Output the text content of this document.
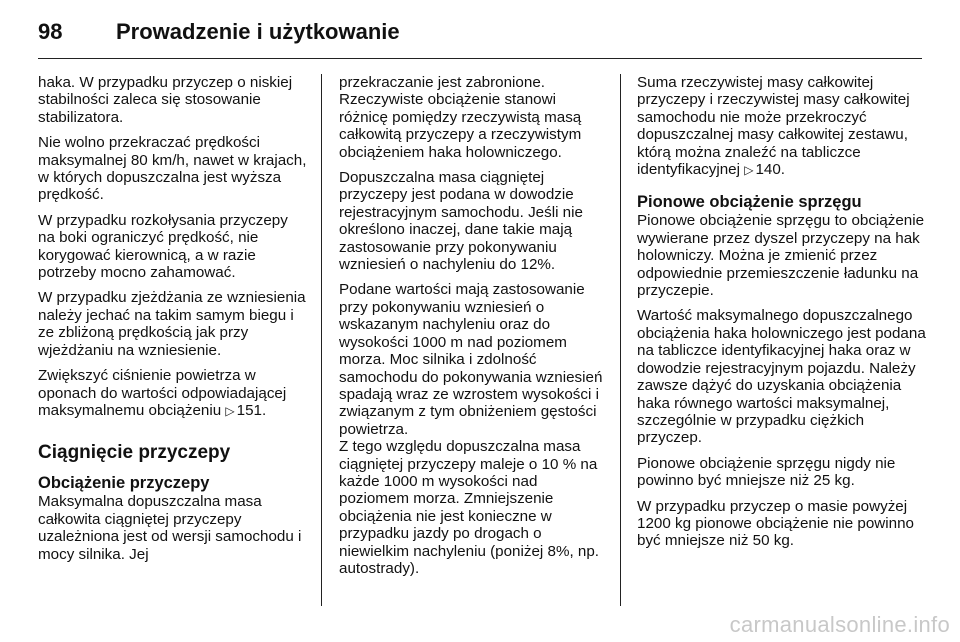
98	Prowadzenie i użytkowanie

haka. W przypadku przyczep o niskiej stabilności zaleca się stosowanie stabilizatora.

Nie wolno przekraczać prędkości maksymalnej 80 km/h, nawet w krajach, w których dopuszczalna jest wyższa prędkość.

W przypadku rozkołysania przyczepy na boki ograniczyć prędkość, nie korygować kierownicą, a w razie potrzeby mocno zahamować.

W przypadku zjeżdżania ze wzniesienia należy jechać na takim samym biegu i ze zbliżoną prędkością jak przy wjeżdżaniu na wzniesienie.

Zwiększyć ciśnienie powietrza w oponach do wartości odpowiadającej maksymalnemu obciążeniu ▷ 151.

Ciągnięcie przyczepy
Obciążenie przyczepy

Maksymalna dopuszczalna masa całkowita ciągniętej przyczepy uzależniona jest od wersji samochodu i mocy silnika. Jej

przekraczanie jest zabronione. Rzeczywiste obciążenie stanowi różnicę pomiędzy rzeczywistą masą całkowitą przyczepy a rzeczywistym obciążeniem haka holowniczego.

Dopuszczalna masa ciągniętej przyczepy jest podana w dowodzie rejestracyjnym samochodu. Jeśli nie określono inaczej, dane takie mają zastosowanie przy pokonywaniu wzniesień o nachyleniu do 12%.

Podane wartości mają zastosowanie przy pokonywaniu wzniesień o wskazanym nachyleniu oraz do wysokości 1000 m nad poziomem morza. Moc silnika i zdolność samochodu do pokonywania wzniesień spadają wraz ze wzrostem wysokości i związanym z tym obniżeniem gęstości powietrza.

Z tego względu dopuszczalna masa ciągniętej przyczepy maleje o 10 % na każde 1000 m wysokości nad poziomem morza. Zmniejszenie obciążenia nie jest konieczne w przypadku jazdy po drogach o niewielkim nachyleniu (poniżej 8%, np. autostrady).

Suma rzeczywistej masy całkowitej przyczepy i rzeczywistej masy całkowitej samochodu nie może przekroczyć dopuszczalnej masy całkowitej zestawu, którą można znaleźć na tabliczce identyfikacyjnej ▷ 140.

Pionowe obciążenie sprzęgu

Pionowe obciążenie sprzęgu to obciążenie wywierane przez dyszel przyczepy na hak holowniczy. Można je zmienić przez odpowiednie przemieszczenie ładunku na przyczepie.

Wartość maksymalnego dopuszczalnego obciążenia haka holowniczego jest podana na tabliczce identyfikacyjnej haka oraz w dowodzie rejestracyjnym pojazdu. Należy zawsze dążyć do uzyskania obciążenia haka równego wartości maksymalnej, szczególnie w przypadku ciężkich przyczep.

Pionowe obciążenie sprzęgu nigdy nie powinno być mniejsze niż 25 kg.

W przypadku przyczep o masie powyżej 1200 kg pionowe obciążenie nie powinno być mniejsze niż 50 kg.

carmanualsonline.info
